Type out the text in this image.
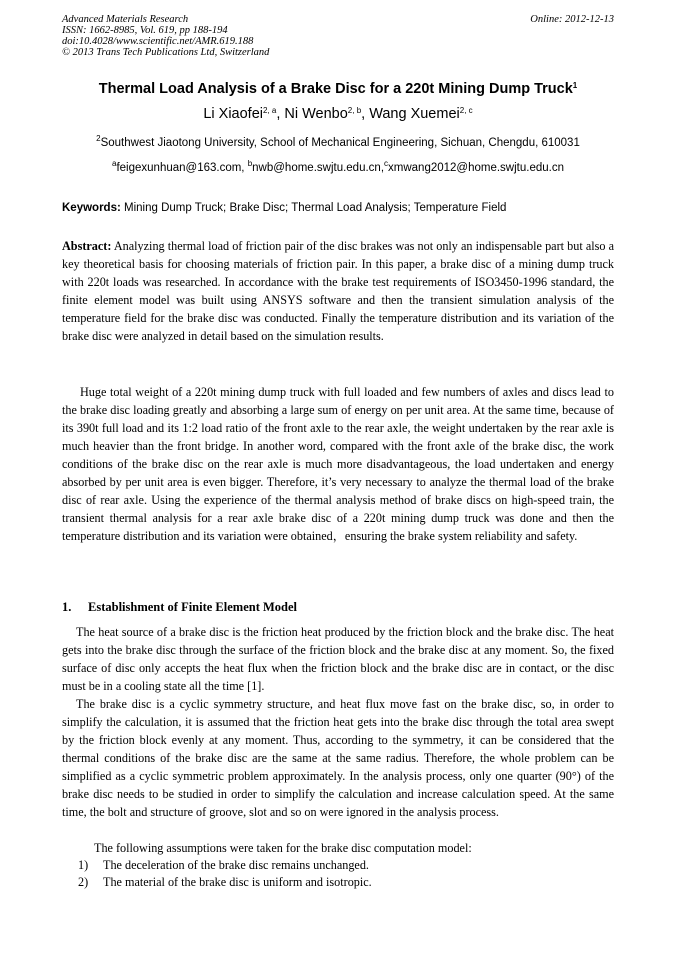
Advanced Materials Research
ISSN: 1662-8985, Vol. 619, pp 188-194
doi:10.4028/www.scientific.net/AMR.619.188
© 2013 Trans Tech Publications Ltd, Switzerland
Online: 2012-12-13
Thermal Load Analysis of a Brake Disc for a 220t Mining Dump Truck$^1$
Li Xiaofei$^{2, a}$, Ni Wenbo$^{2, b}$, Wang Xuemei$^{2, c}$
$^2$Southwest Jiaotong University, School of Mechanical Engineering, Sichuan, Chengdu, 610031
$^a$feigexunhuan@163.com, $^b$nwb@home.swjtu.edu.cn,$^c$xmwang2012@home.swjtu.edu.cn
Keywords: Mining Dump Truck; Brake Disc; Thermal Load Analysis; Temperature Field

Abstract: Analyzing thermal load of friction pair of the disc brakes was not only an indispensable part but also a key theoretical basis for choosing materials of friction pair. In this paper, a brake disc of a mining dump truck with 220t loads was researched. In accordance with the brake test requirements of ISO3450-1996 standard, the finite element model was built using ANSYS software and then the transient simulation analysis of the temperature field for the brake disc was conducted. Finally the temperature distribution and its variation of the brake disc were analyzed in detail based on the simulation results.

Huge total weight of a 220t mining dump truck with full loaded and few numbers of axles and discs lead to the brake disc loading greatly and absorbing a large sum of energy on per unit area. At the same time, because of its 390t full load and its 1:2 load ratio of the front axle to the rear axle, the weight undertaken by the rear axle is much heavier than the front bridge. In another word, compared with the front axle of the brake disc, the work conditions of the brake disc on the rear axle is much more disadvantageous, the load undertaken and energy absorbed by per unit area is even bigger. Therefore, it’s very necessary to analyze the thermal load of the brake disc of rear axle. Using the experience of the thermal analysis method of brake discs on high-speed train, the transient thermal analysis for a rear axle brake disc of a 220t mining dump truck was done and then the temperature distribution and its variation were obtained，ensuring the brake system reliability and safety.

1. Establishment of Finite Element Model

The heat source of a brake disc is the friction heat produced by the friction block and the brake disc. The heat gets into the brake disc through the surface of the friction block and the brake disc at any moment. So, the fixed surface of disc only accepts the heat flux when the friction block and the brake disc are in contact, or the disc must be in a cooling state all the time [1].

The brake disc is a cyclic symmetry structure, and heat flux move fast on the brake disc, so, in order to simplify the calculation, it is assumed that the friction heat gets into the brake disc through the total area swept by the friction block evenly at any moment. Thus, according to the symmetry, it can be considered that the thermal conditions of the brake disc are the same at the same radius. Therefore, the whole problem can be simplified as a cyclic symmetric problem approximately. In the analysis process, only one quarter (90°) of the brake disc needs to be studied in order to simplify the calculation and increase calculation speed. At the same time, the bolt and structure of groove, slot and so on were ignored in the analysis process.

The following assumptions were taken for the brake disc computation model:

1) The deceleration of the brake disc remains unchanged.
2) The material of the brake disc is uniform and isotropic.
